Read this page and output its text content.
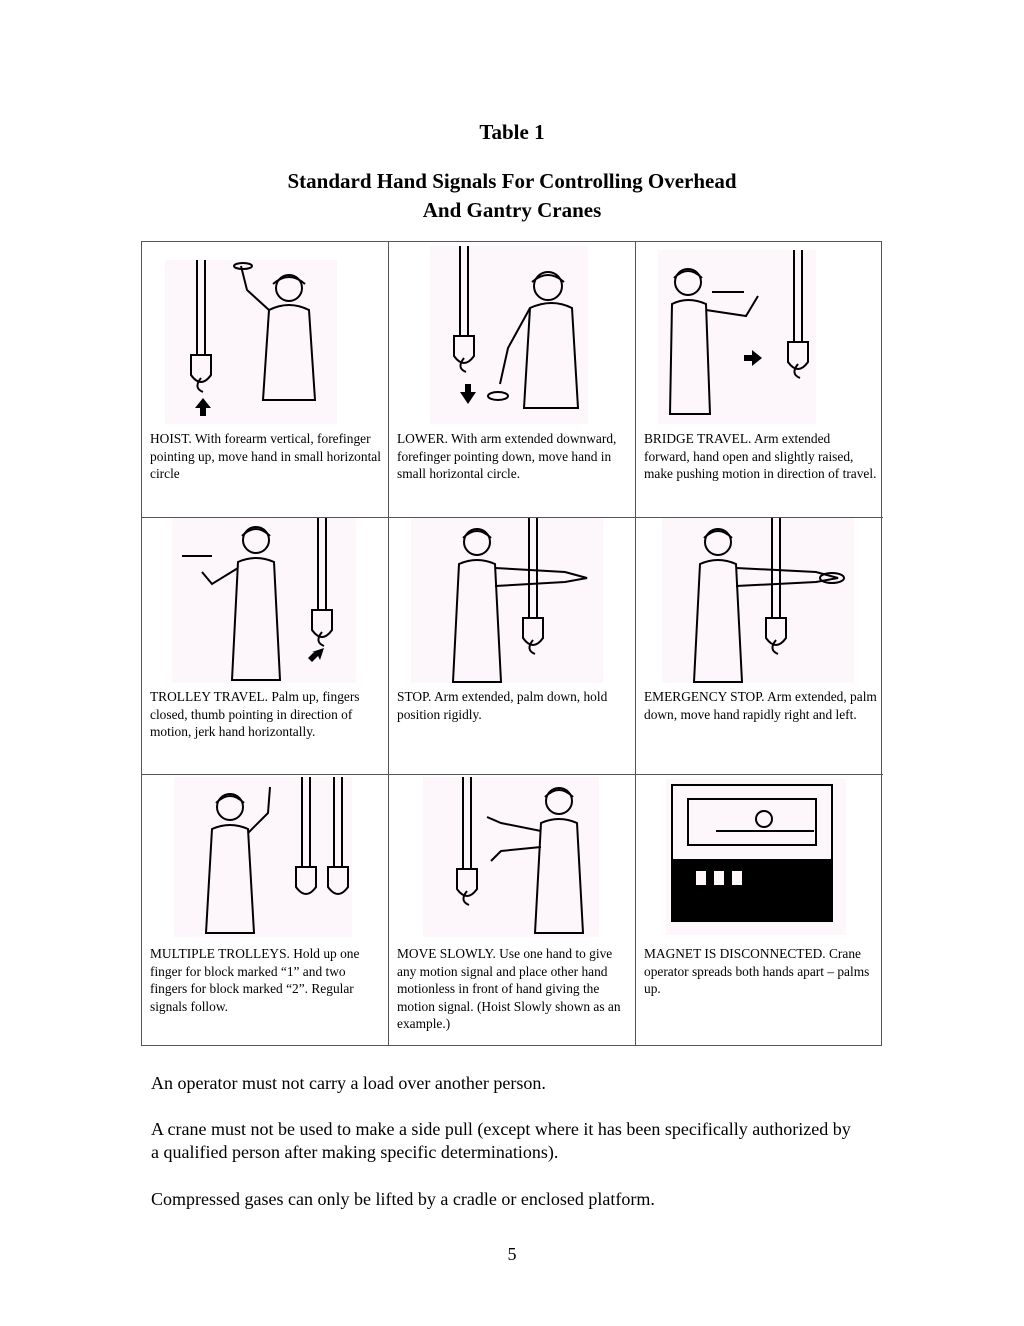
Table 1
Standard Hand Signals For Controlling Overhead
And Gantry Cranes
HOIST. With forearm vertical, forefinger pointing up, move hand in small horizontal circle
LOWER. With arm extended downward, forefinger pointing down, move hand in small horizontal circle.
BRIDGE TRAVEL. Arm extended forward, hand open and slightly raised, make pushing motion in direction of travel.
TROLLEY TRAVEL. Palm up, fingers closed, thumb pointing in direction of motion, jerk hand horizontally.
STOP. Arm extended, palm down, hold position rigidly.
EMERGENCY STOP. Arm extended, palm down, move hand rapidly right and left.
MULTIPLE TROLLEYS. Hold up one finger for block marked “1” and two fingers for block marked “2”. Regular signals follow.
MOVE SLOWLY. Use one hand to give any motion signal and place other hand motionless in front of hand giving the motion signal. (Hoist Slowly shown as an example.)
MAGNET IS DISCONNECTED. Crane operator spreads both hands apart – palms up.
An operator must not carry a load over another person.
A crane must not be used to make a side pull (except where it has been specifically authorized by a qualified person after making specific determinations).
Compressed gases can only be lifted by a cradle or enclosed platform.
5
